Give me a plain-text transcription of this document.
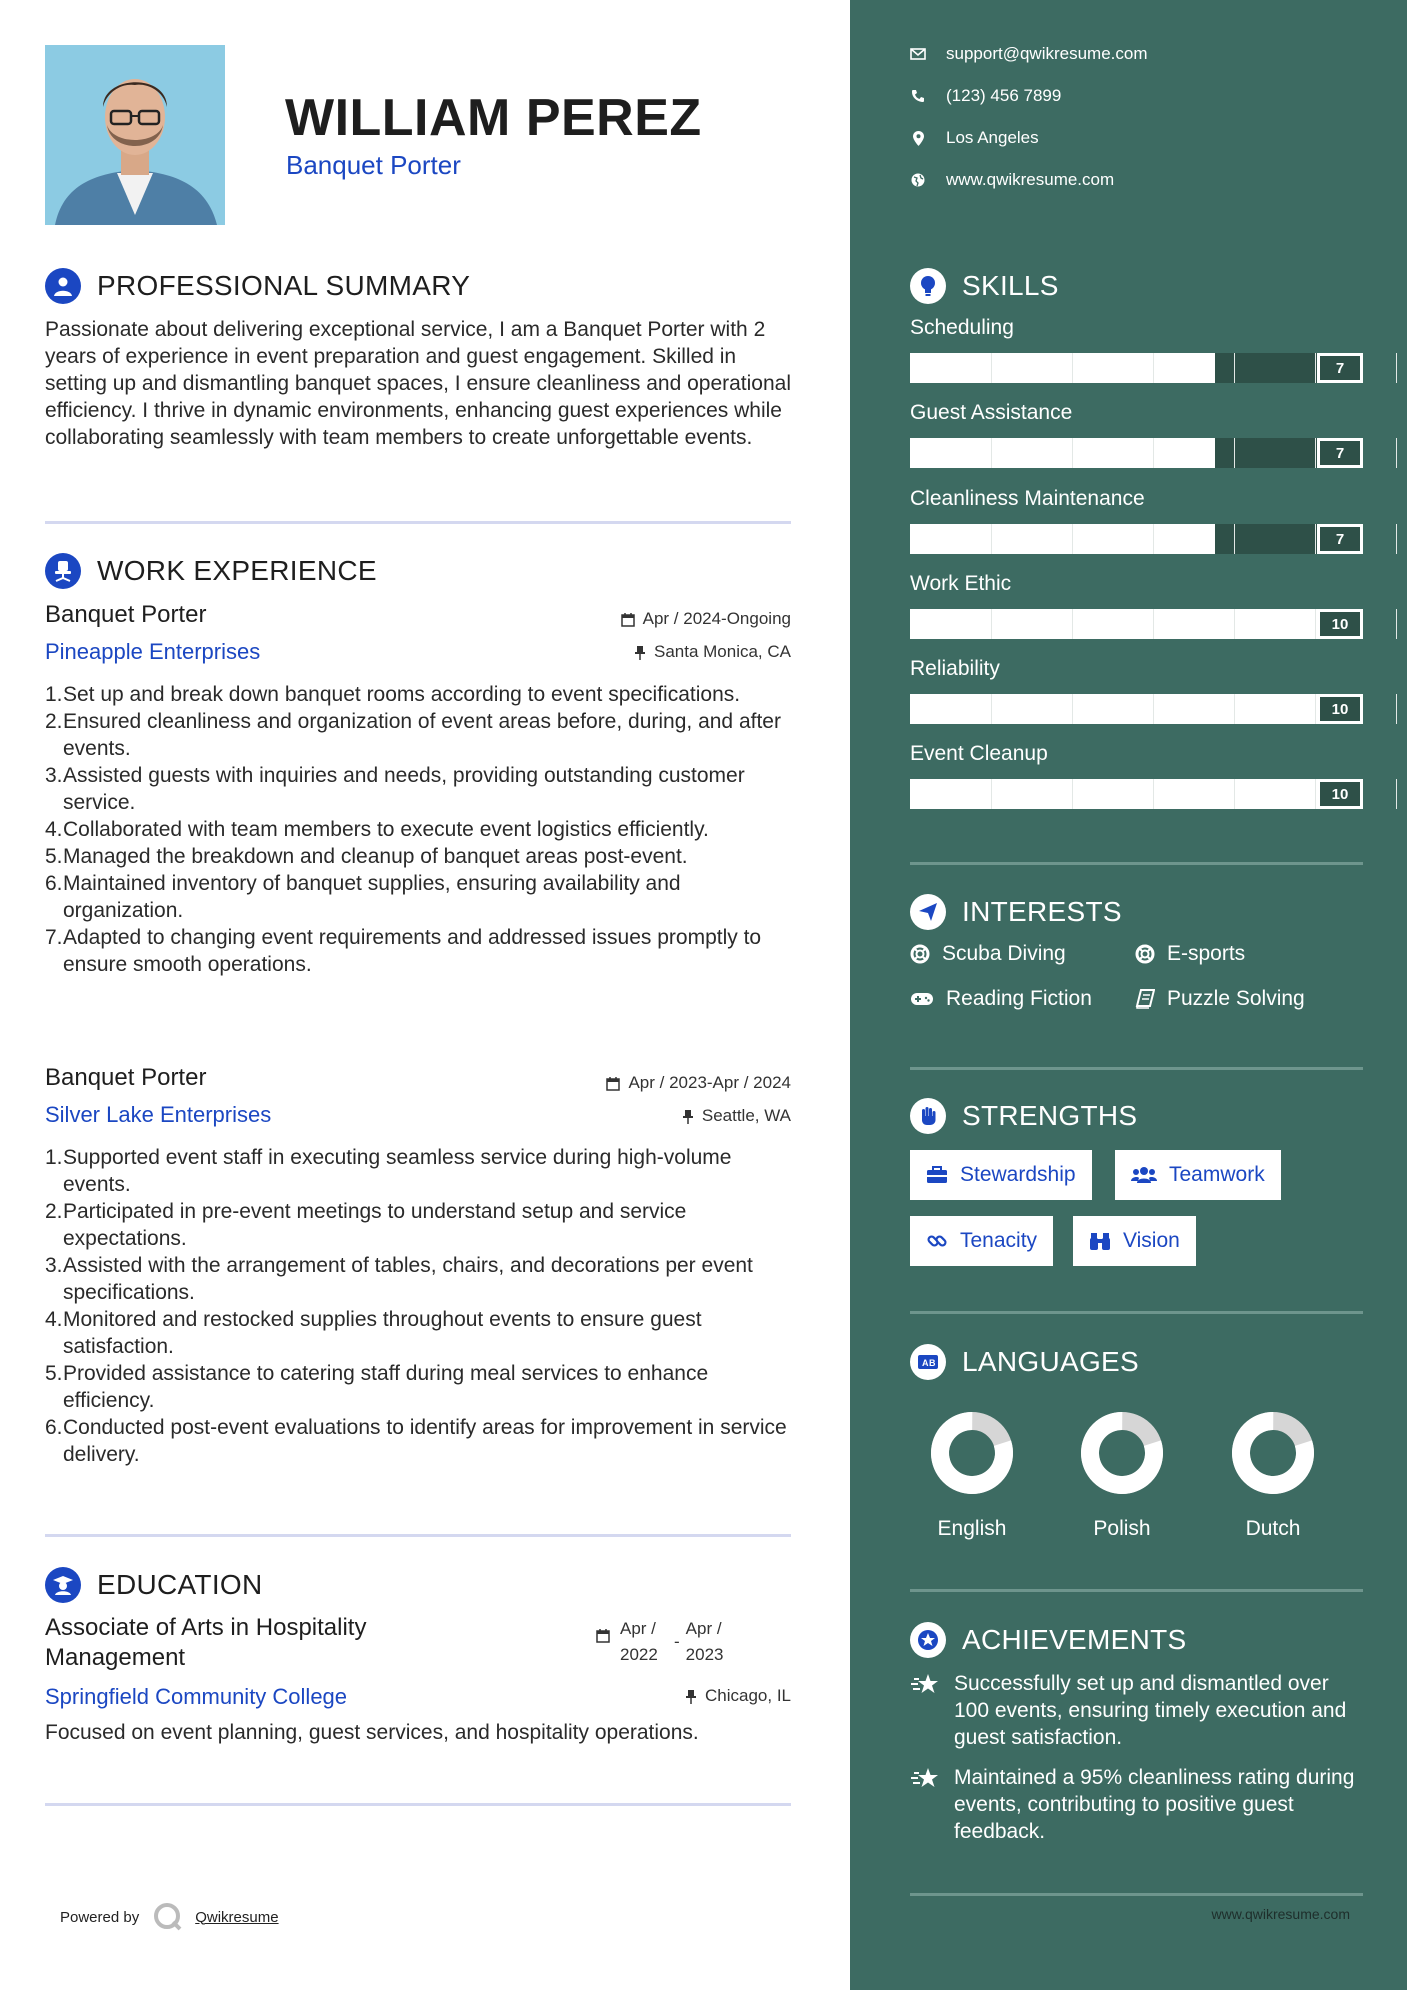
WILLIAM PEREZ
Banquet Porter
PROFESSIONAL SUMMARY
Passionate about delivering exceptional service, I am a Banquet Porter with 2 years of experience in event preparation and guest engagement. Skilled in setting up and dismantling banquet spaces, I ensure cleanliness and operational efficiency. I thrive in dynamic environments, enhancing guest experiences while collaborating seamlessly with team members to create unforgettable events.
WORK EXPERIENCE
Banquet Porter
Pineapple Enterprises
Apr / 2024-Ongoing
Santa Monica, CA
1. Set up and break down banquet rooms according to event specifications.
2. Ensured cleanliness and organization of event areas before, during, and after events.
3. Assisted guests with inquiries and needs, providing outstanding customer service.
4. Collaborated with team members to execute event logistics efficiently.
5. Managed the breakdown and cleanup of banquet areas post-event.
6. Maintained inventory of banquet supplies, ensuring availability and organization.
7. Adapted to changing event requirements and addressed issues promptly to ensure smooth operations.
Banquet Porter
Silver Lake Enterprises
Apr / 2023-Apr / 2024
Seattle, WA
1. Supported event staff in executing seamless service during high-volume events.
2. Participated in pre-event meetings to understand setup and service expectations.
3. Assisted with the arrangement of tables, chairs, and decorations per event specifications.
4. Monitored and restocked supplies throughout events to ensure guest satisfaction.
5. Provided assistance to catering staff during meal services to enhance efficiency.
6. Conducted post-event evaluations to identify areas for improvement in service delivery.
EDUCATION
Associate of Arts in Hospitality Management
Apr / 2022
-
Apr / 2023
Springfield Community College	Chicago, IL
Focused on event planning, guest services, and hospitality operations.
Powered by	Qwikresume
support@qwikresume.com
(123) 456 7899
Los Angeles
www.qwikresume.com
SKILLS
Scheduling
7
Guest Assistance
7
Cleanliness Maintenance
7
Work Ethic
10
Reliability
10
Event Cleanup
10
INTERESTS
Scuba Diving	E-sports
Reading Fiction	Puzzle Solving
STRENGTHS
Stewardship	Teamwork
Tenacity	Vision
A B LANGUAGES
English	Polish	Dutch
ACHIEVEMENTS
Successfully set up and dismantled over 100 events, ensuring timely execution and guest satisfaction.
Maintained a 95% cleanliness rating during events, contributing to positive guest feedback.
www.qwikresume.com
